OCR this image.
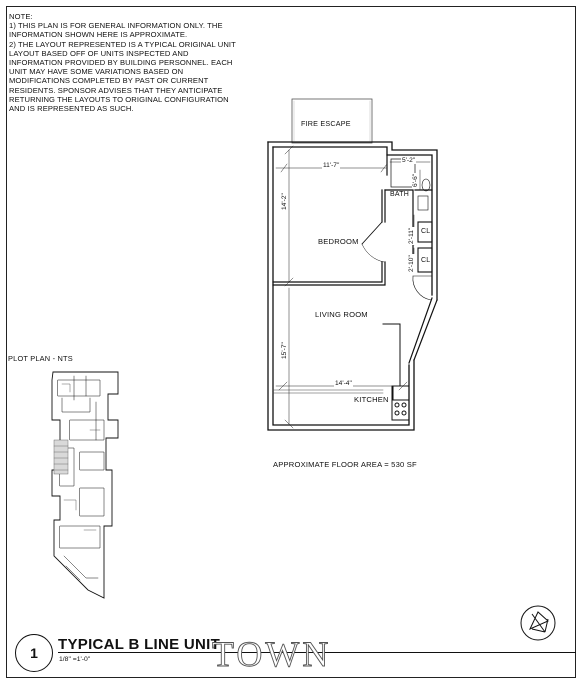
NOTE:

1) THIS PLAN IS FOR GENERAL INFORMATION ONLY. THE INFORMATION SHOWN HERE IS APPROXIMATE.

2) THE LAYOUT REPRESENTED IS A TYPICAL ORIGINAL UNIT LAYOUT BASED OFF OF UNITS INSPECTED AND INFORMATION PROVIDED BY BUILDING PERSONNEL. EACH UNIT MAY HAVE SOME VARIATIONS BASED ON MODIFICATIONS COMPLETED BY PAST OR CURRENT RESIDENTS. SPONSOR ADVISES THAT THEY ANTICIPATE RETURNING THE LAYOUTS TO ORIGINAL CONFIGURATION AND IS REPRESENTED AS SUCH.

FIRE ESCAPE
BEDROOM
BATH
LIVING ROOM
KITCHEN
CL
CL
11'-7"
14'-2"
5'-2"
6'-6"
2'-11"
2'-10"
15'-7"
14'-4"
APPROXIMATE FLOOR AREA = 530 SF
PLOT PLAN - NTS
1	TYPICAL B LINE UNIT
1/8" =1'-0"	TOWN
